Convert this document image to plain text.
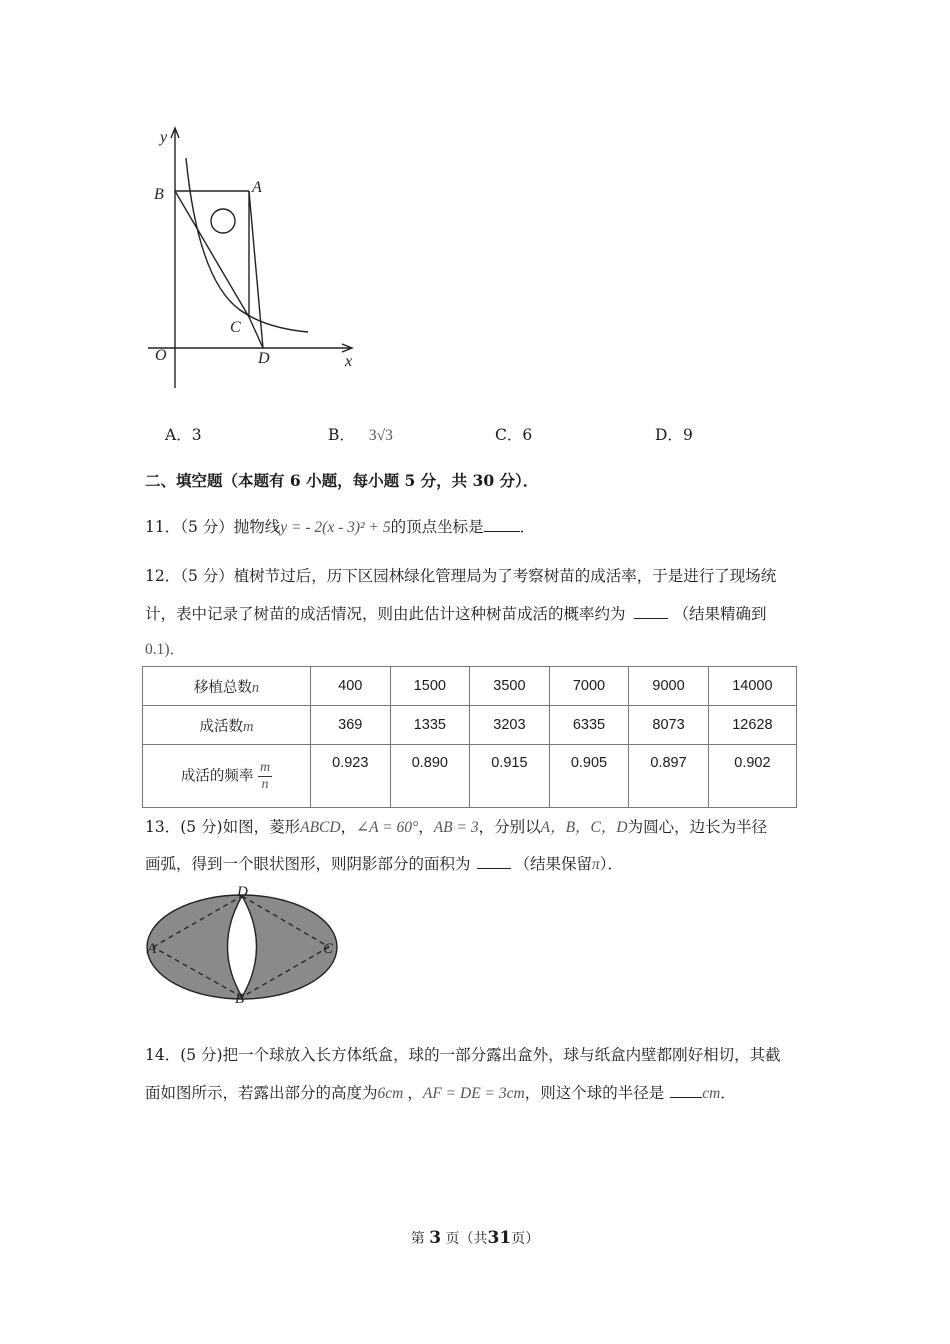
y
B	A
C
O	D	x
A．3	B． 3√3	C．6	D．9
二、填空题（本题有 6 小题，每小题 5 分，共 30 分）．
11．（5 分）抛物线y = - 2(x - 3)² + 5的顶点坐标是 ．
12．（5 分）植树节过后，历下区园林绿化管理局为了考察树苗的成活率，于是进行了现场统
计，表中记录了树苗的成活情况，则由此估计这种树苗成活的概率约为	（结果精确到
0.1)．
移植总数n	400	1500	3500	7000	9000	14000
成活数m	369	1335	3203	6335	8073	12628
成活的频率 $\frac{m}{n}$	0.923	0.890	0.915	0.905	0.897	0.902
13．(5 分)如图，菱形ABCD，∠A = 60°，AB = 3，分别以A，B，C，D为圆心，边长为半径
画弧，得到一个眼状图形，则阴影部分的面积为	（结果保留π）．
D
A	C
B
14．(5 分)把一个球放入长方体纸盒，球的一部分露出盒外，球与纸盒内壁都刚好相切，其截
面如图所示，若露出部分的高度为6cm ，AF = DE = 3cm，则这个球的半径是 cm．
第 3 页（共31页）
